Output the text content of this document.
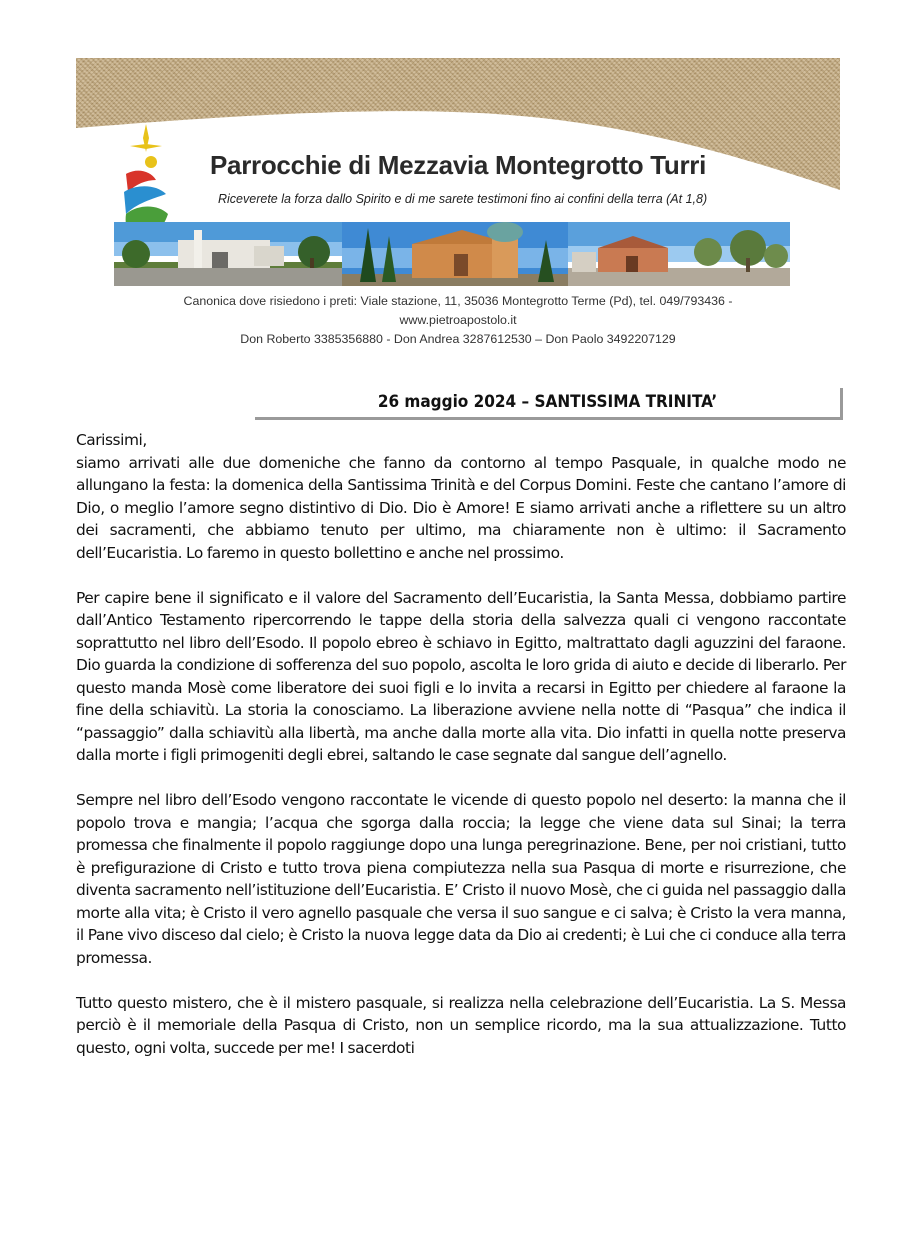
Parrocchie di Mezzavia Montegrotto Turri
Riceverete la forza dallo Spirito e di me sarete testimoni fino ai confini della terra (At 1,8)
Canonica dove risiedono i preti: Viale stazione, 11, 35036 Montegrotto Terme (Pd), tel. 049/793436 -
www.pietroapostolo.it
Don Roberto 3385356880 - Don Andrea 3287612530 – Don Paolo 3492207129
26 maggio 2024 – SANTISSIMA TRINITA’

Carissimi,

siamo arrivati alle due domeniche che fanno da contorno al tempo Pasquale, in qualche modo ne allungano la festa: la domenica della Santissima Trinità e del Corpus Domini. Feste che cantano l’amore di Dio, o meglio l’amore segno distintivo di Dio. Dio è Amore! E siamo arrivati anche a riflettere su un altro dei sacramenti, che abbiamo tenuto per ultimo, ma chiaramente non è ultimo: il Sacramento dell’Eucaristia. Lo faremo in questo bollettino e anche nel prossimo.

Per capire bene il significato e il valore del Sacramento dell’Eucaristia, la Santa Messa, dobbiamo partire dall’Antico Testamento ripercorrendo le tappe della storia della salvezza quali ci vengono raccontate soprattutto nel libro dell’Esodo. Il popolo ebreo è schiavo in Egitto, maltrattato dagli aguzzini del faraone. Dio guarda la condizione di sofferenza del suo popolo, ascolta le loro grida di aiuto e decide di liberarlo. Per questo manda Mosè come liberatore dei suoi figli e lo invita a recarsi in Egitto per chiedere al faraone la fine della schiavitù. La storia la conosciamo. La liberazione avviene nella notte di “Pasqua” che indica il “passaggio” dalla schiavitù alla libertà, ma anche dalla morte alla vita. Dio infatti in quella notte preserva dalla morte i figli primogeniti degli ebrei, saltando le case segnate dal sangue dell’agnello.

Sempre nel libro dell’Esodo vengono raccontate le vicende di questo popolo nel deserto: la manna che il popolo trova e mangia; l’acqua che sgorga dalla roccia; la legge che viene data sul Sinai; la terra promessa che finalmente il popolo raggiunge dopo una lunga peregrinazione. Bene, per noi cristiani, tutto è prefigurazione di Cristo e tutto trova piena compiutezza nella sua Pasqua di morte e risurrezione, che diventa sacramento nell’istituzione dell’Eucaristia. E’ Cristo il nuovo Mosè, che ci guida nel passaggio dalla morte alla vita; è Cristo il vero agnello pasquale che versa il suo sangue e ci salva; è Cristo la vera manna, il Pane vivo disceso dal cielo; è Cristo la nuova legge data da Dio ai credenti; è Lui che ci conduce alla terra promessa.

Tutto questo mistero, che è il mistero pasquale, si realizza nella celebrazione dell’Eucaristia. La S. Messa perciò è il memoriale della Pasqua di Cristo, non un semplice ricordo, ma la sua attualizzazione. Tutto questo, ogni volta, succede per me! I sacerdoti
